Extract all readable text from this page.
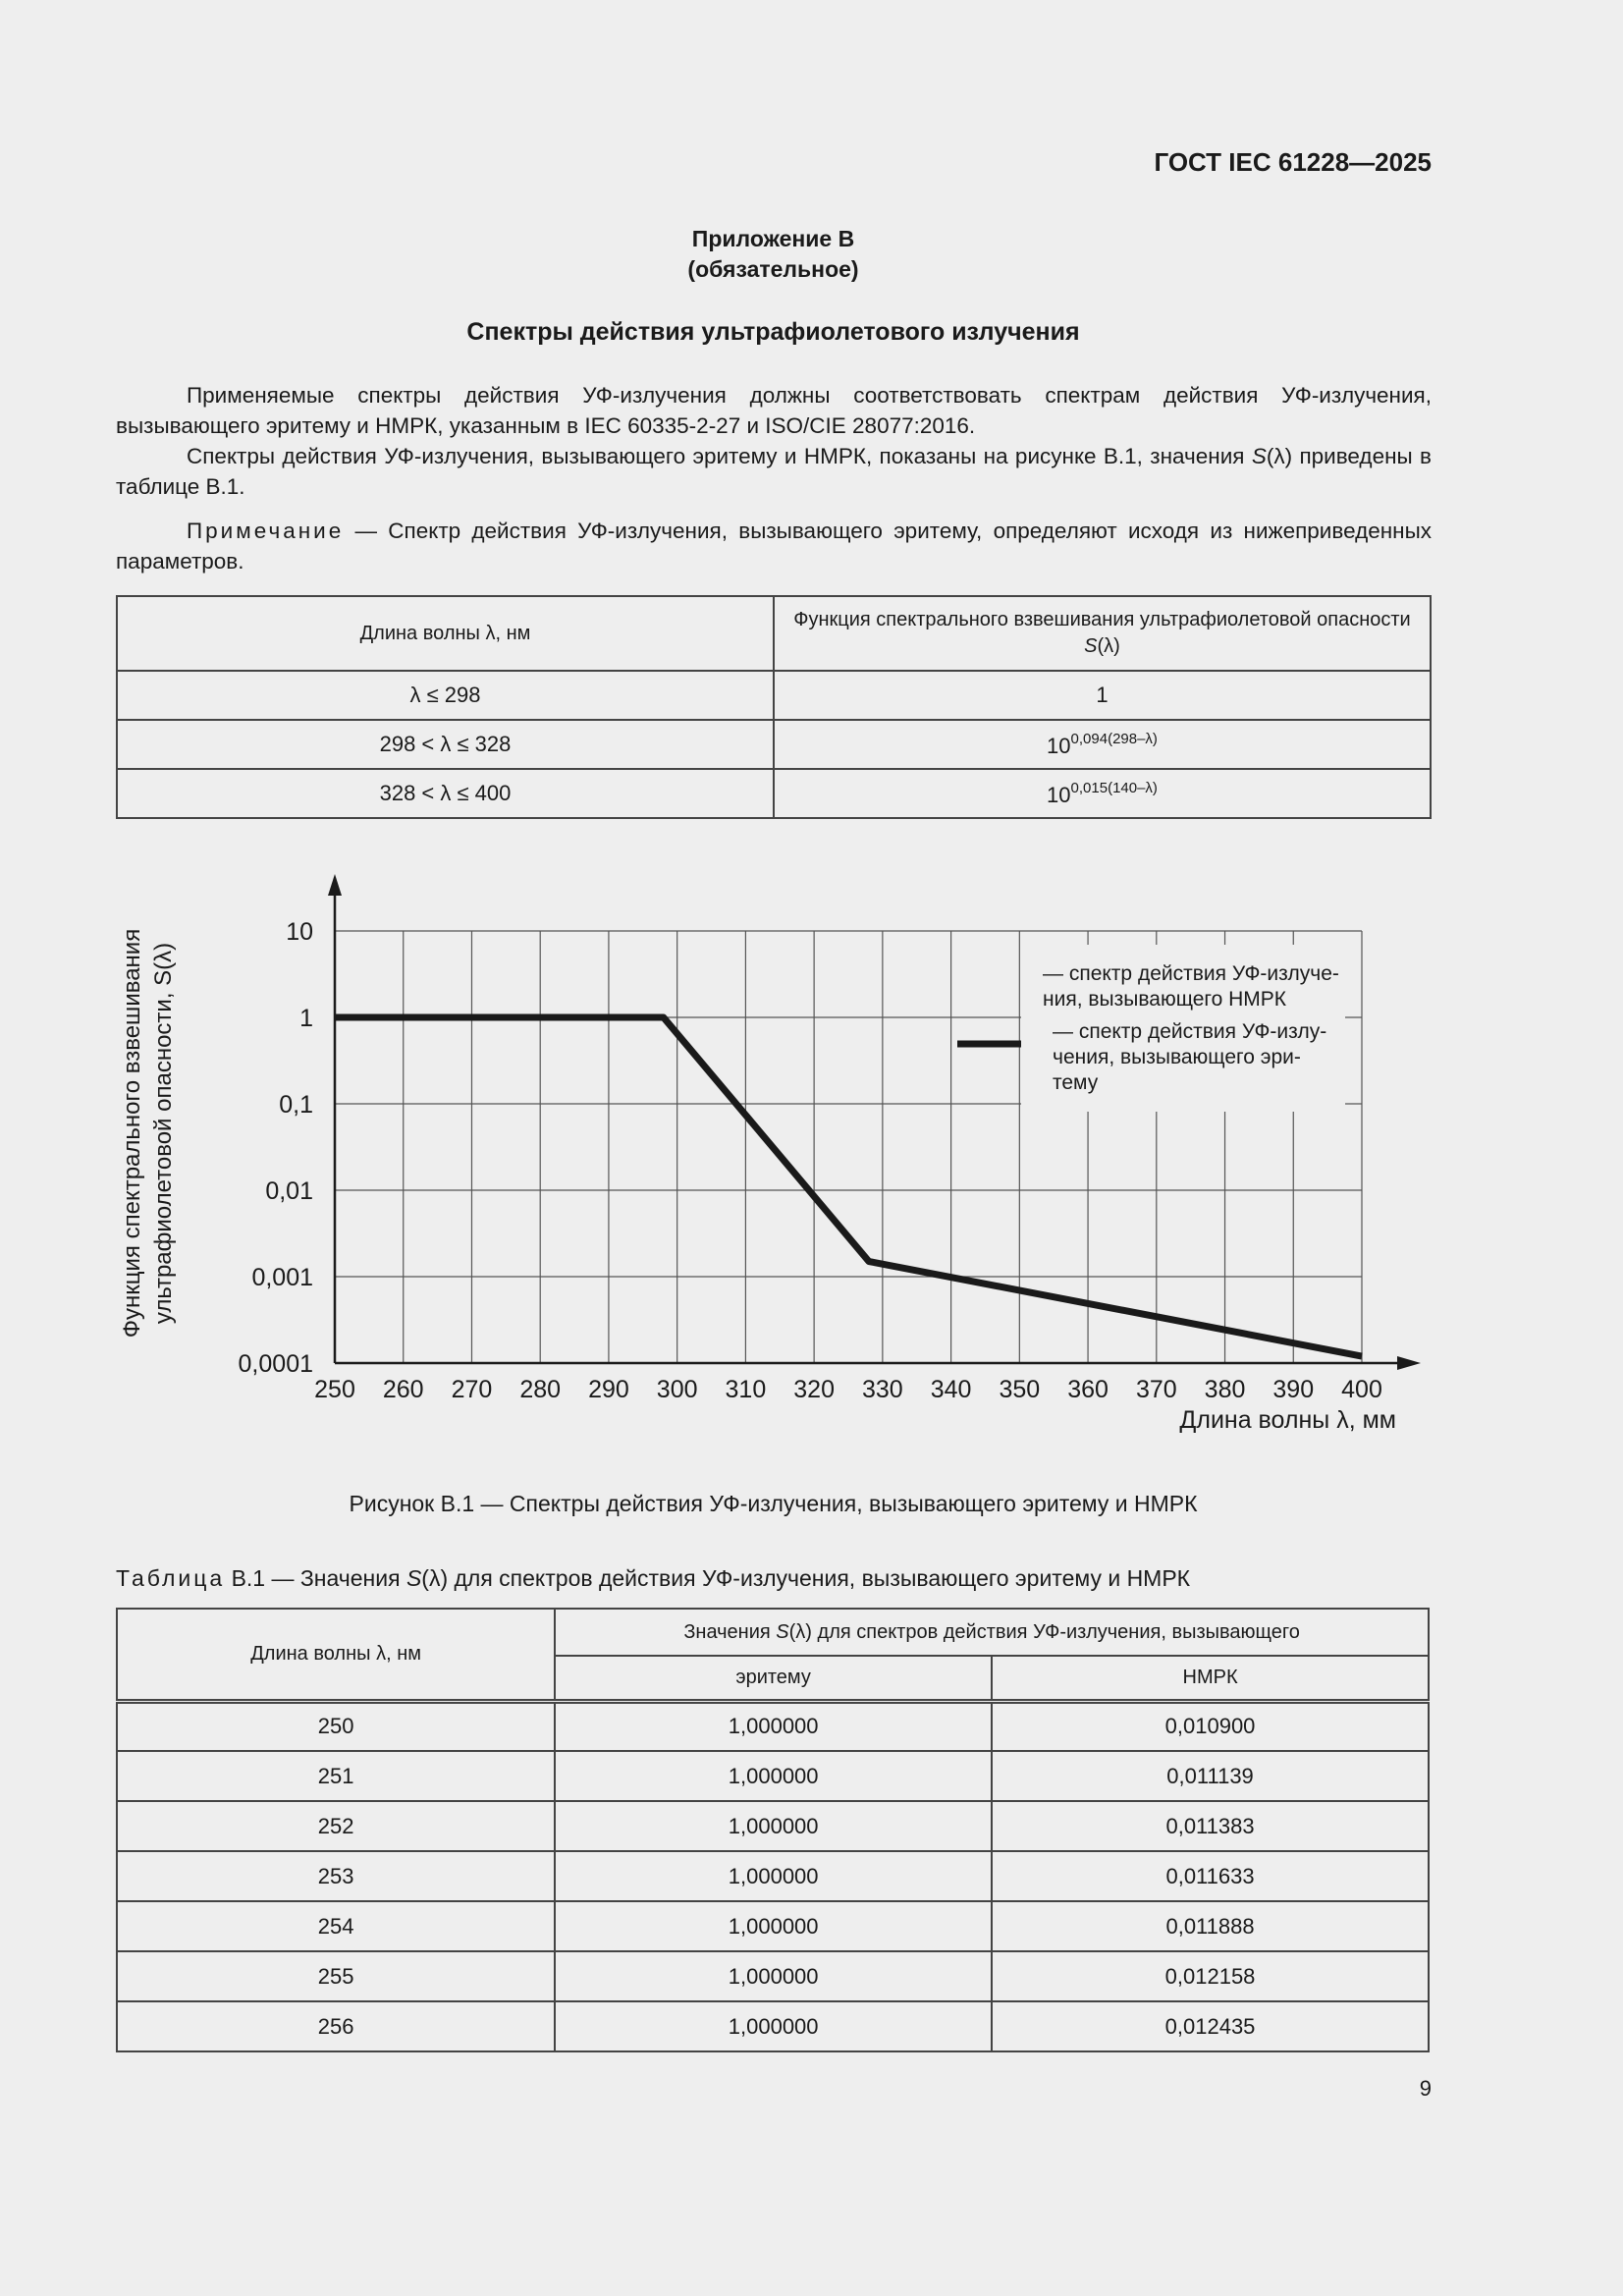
ГОСТ IEC 61228—2025
Приложение В
(обязательное)
Спектры действия ультрафиолетового излучения
Применяемые спектры действия УФ-излучения должны соответствовать спектрам действия УФ-излучения, вызывающего эритему и НМРК, указанным в IEC 60335-2-27 и ISO/CIE 28077:2016.
Спектры действия УФ-излучения, вызывающего эритему и НМРК, показаны на рисунке В.1, значения S(λ) приведены в таблице В.1.
Примечание — Спектр действия УФ-излучения, вызывающего эритему, определяют исходя из нижеприведенных параметров.
Длина волны λ, нм	Функция спектрального взвешивания ультрафиолетовой опасности S(λ)
λ ≤ 298	1
298 < λ ≤ 328	$10^{0,094(298-\lambda)}$
328 < λ ≤ 400	$10^{0,015(140-\lambda)}$
250 260 270 280 290 300 310 320 330 340 350 360 370 380 390 400
10
1
0,1
0,01
0,001
0,0001
— спектр действия УФ-излуче-
ния, вызывающего НМРК
— спектр действия УФ-излу-
чения, вызывающего эри-
тему
Длина волны λ, мм
Функция спектрального взвешивания ультрафиолетовой опасности, S(λ)
Рисунок В.1 — Спектры действия УФ-излучения, вызывающего эритему и НМРК
Таблица В.1 — Значения S(λ) для спектров действия УФ-излучения, вызывающего эритему и НМРК
Длина волны λ, нм	Значения S(λ) для спектров действия УФ-излучения, вызывающего	
	эритему	НМРК
250	1,000000	0,010900
251	1,000000	0,011139
252	1,000000	0,011383
253	1,000000	0,011633
254	1,000000	0,011888
255	1,000000	0,012158
256	1,000000	0,012435
9
